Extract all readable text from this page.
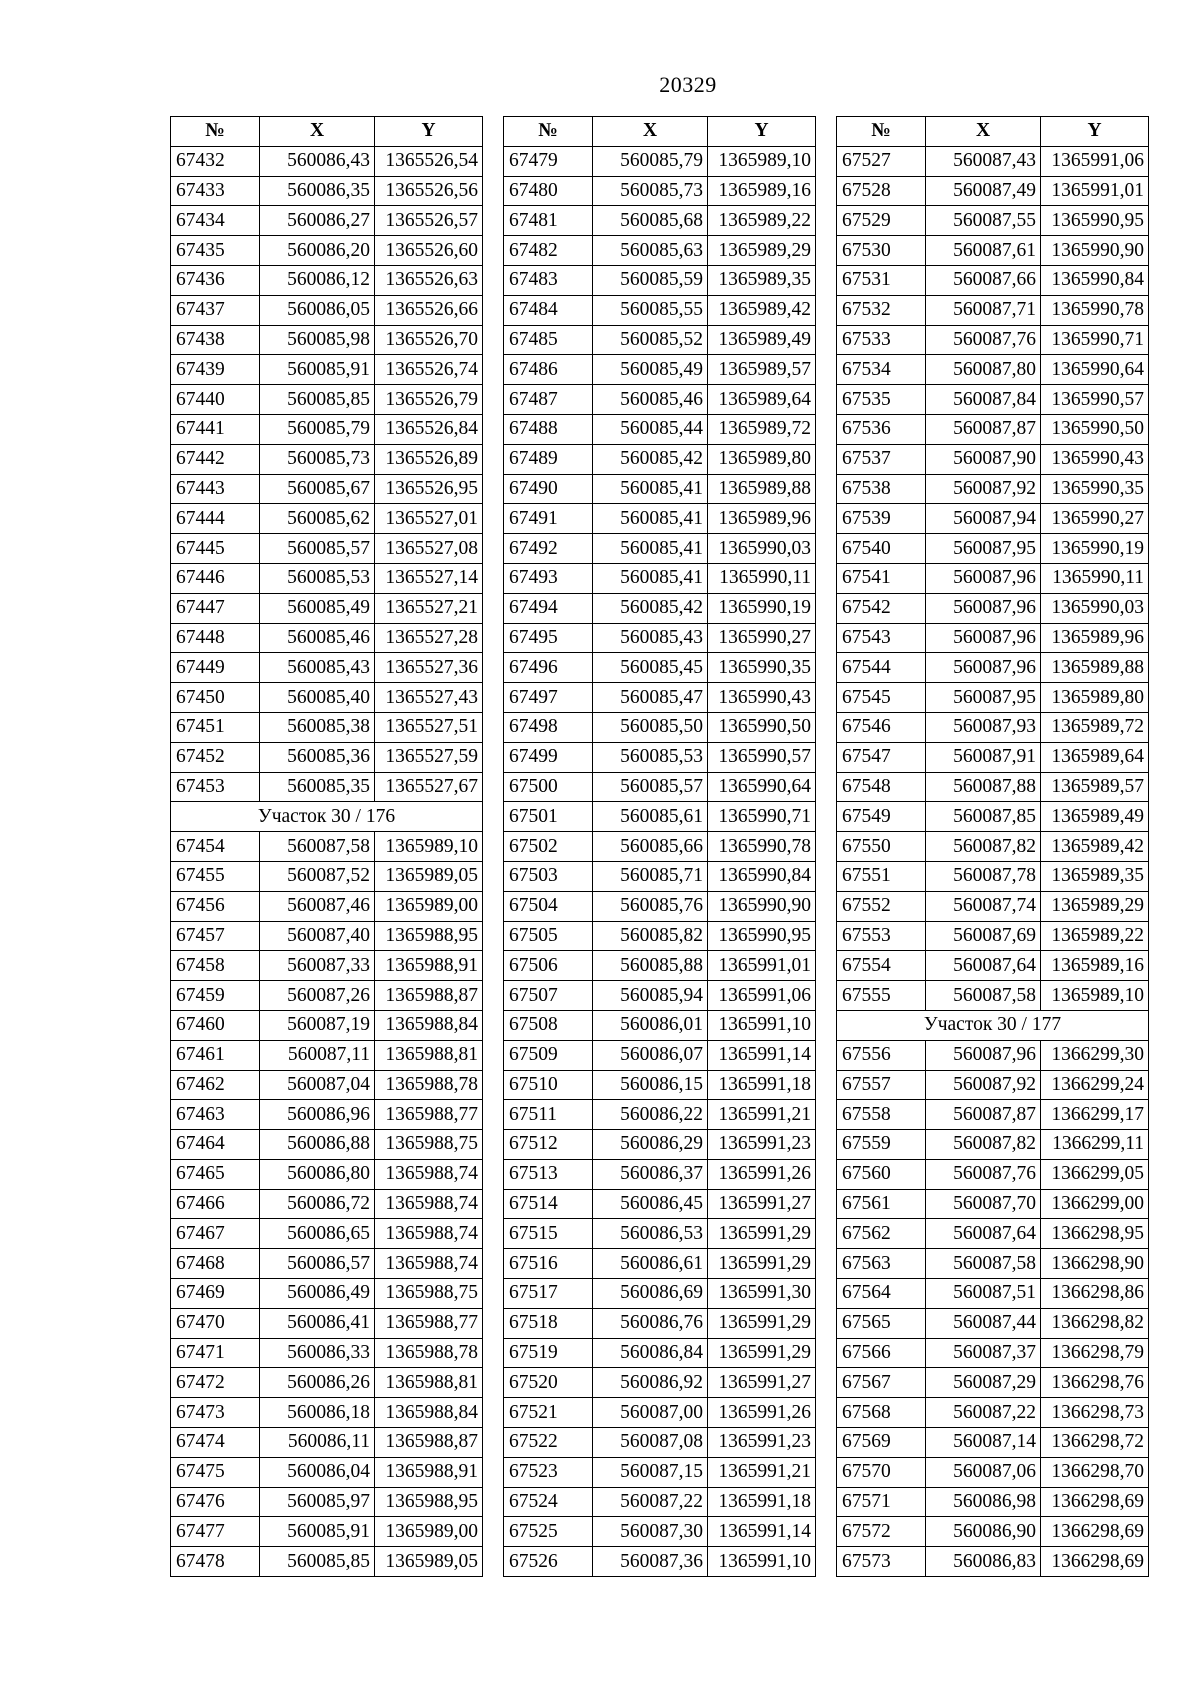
20329
№	X	Y
67432	560086,43	1365526,54
67433	560086,35	1365526,56
67434	560086,27	1365526,57
67435	560086,20	1365526,60
67436	560086,12	1365526,63
67437	560086,05	1365526,66
67438	560085,98	1365526,70
67439	560085,91	1365526,74
67440	560085,85	1365526,79
67441	560085,79	1365526,84
67442	560085,73	1365526,89
67443	560085,67	1365526,95
67444	560085,62	1365527,01
67445	560085,57	1365527,08
67446	560085,53	1365527,14
67447	560085,49	1365527,21
67448	560085,46	1365527,28
67449	560085,43	1365527,36
67450	560085,40	1365527,43
67451	560085,38	1365527,51
67452	560085,36	1365527,59
67453	560085,35	1365527,67
Участок 30 / 176		
67454	560087,58	1365989,10
67455	560087,52	1365989,05
67456	560087,46	1365989,00
67457	560087,40	1365988,95
67458	560087,33	1365988,91
67459	560087,26	1365988,87
67460	560087,19	1365988,84
67461	560087,11	1365988,81
67462	560087,04	1365988,78
67463	560086,96	1365988,77
67464	560086,88	1365988,75
67465	560086,80	1365988,74
67466	560086,72	1365988,74
67467	560086,65	1365988,74
67468	560086,57	1365988,74
67469	560086,49	1365988,75
67470	560086,41	1365988,77
67471	560086,33	1365988,78
67472	560086,26	1365988,81
67473	560086,18	1365988,84
67474	560086,11	1365988,87
67475	560086,04	1365988,91
67476	560085,97	1365988,95
67477	560085,91	1365989,00
67478	560085,85	1365989,05
№	X	Y
67479	560085,79	1365989,10
67480	560085,73	1365989,16
67481	560085,68	1365989,22
67482	560085,63	1365989,29
67483	560085,59	1365989,35
67484	560085,55	1365989,42
67485	560085,52	1365989,49
67486	560085,49	1365989,57
67487	560085,46	1365989,64
67488	560085,44	1365989,72
67489	560085,42	1365989,80
67490	560085,41	1365989,88
67491	560085,41	1365989,96
67492	560085,41	1365990,03
67493	560085,41	1365990,11
67494	560085,42	1365990,19
67495	560085,43	1365990,27
67496	560085,45	1365990,35
67497	560085,47	1365990,43
67498	560085,50	1365990,50
67499	560085,53	1365990,57
67500	560085,57	1365990,64
67501	560085,61	1365990,71
67502	560085,66	1365990,78
67503	560085,71	1365990,84
67504	560085,76	1365990,90
67505	560085,82	1365990,95
67506	560085,88	1365991,01
67507	560085,94	1365991,06
67508	560086,01	1365991,10
67509	560086,07	1365991,14
67510	560086,15	1365991,18
67511	560086,22	1365991,21
67512	560086,29	1365991,23
67513	560086,37	1365991,26
67514	560086,45	1365991,27
67515	560086,53	1365991,29
67516	560086,61	1365991,29
67517	560086,69	1365991,30
67518	560086,76	1365991,29
67519	560086,84	1365991,29
67520	560086,92	1365991,27
67521	560087,00	1365991,26
67522	560087,08	1365991,23
67523	560087,15	1365991,21
67524	560087,22	1365991,18
67525	560087,30	1365991,14
67526	560087,36	1365991,10
№	X	Y
67527	560087,43	1365991,06
67528	560087,49	1365991,01
67529	560087,55	1365990,95
67530	560087,61	1365990,90
67531	560087,66	1365990,84
67532	560087,71	1365990,78
67533	560087,76	1365990,71
67534	560087,80	1365990,64
67535	560087,84	1365990,57
67536	560087,87	1365990,50
67537	560087,90	1365990,43
67538	560087,92	1365990,35
67539	560087,94	1365990,27
67540	560087,95	1365990,19
67541	560087,96	1365990,11
67542	560087,96	1365990,03
67543	560087,96	1365989,96
67544	560087,96	1365989,88
67545	560087,95	1365989,80
67546	560087,93	1365989,72
67547	560087,91	1365989,64
67548	560087,88	1365989,57
67549	560087,85	1365989,49
67550	560087,82	1365989,42
67551	560087,78	1365989,35
67552	560087,74	1365989,29
67553	560087,69	1365989,22
67554	560087,64	1365989,16
67555	560087,58	1365989,10
Участок 30 / 177		
67556	560087,96	1366299,30
67557	560087,92	1366299,24
67558	560087,87	1366299,17
67559	560087,82	1366299,11
67560	560087,76	1366299,05
67561	560087,70	1366299,00
67562	560087,64	1366298,95
67563	560087,58	1366298,90
67564	560087,51	1366298,86
67565	560087,44	1366298,82
67566	560087,37	1366298,79
67567	560087,29	1366298,76
67568	560087,22	1366298,73
67569	560087,14	1366298,72
67570	560087,06	1366298,70
67571	560086,98	1366298,69
67572	560086,90	1366298,69
67573	560086,83	1366298,69
